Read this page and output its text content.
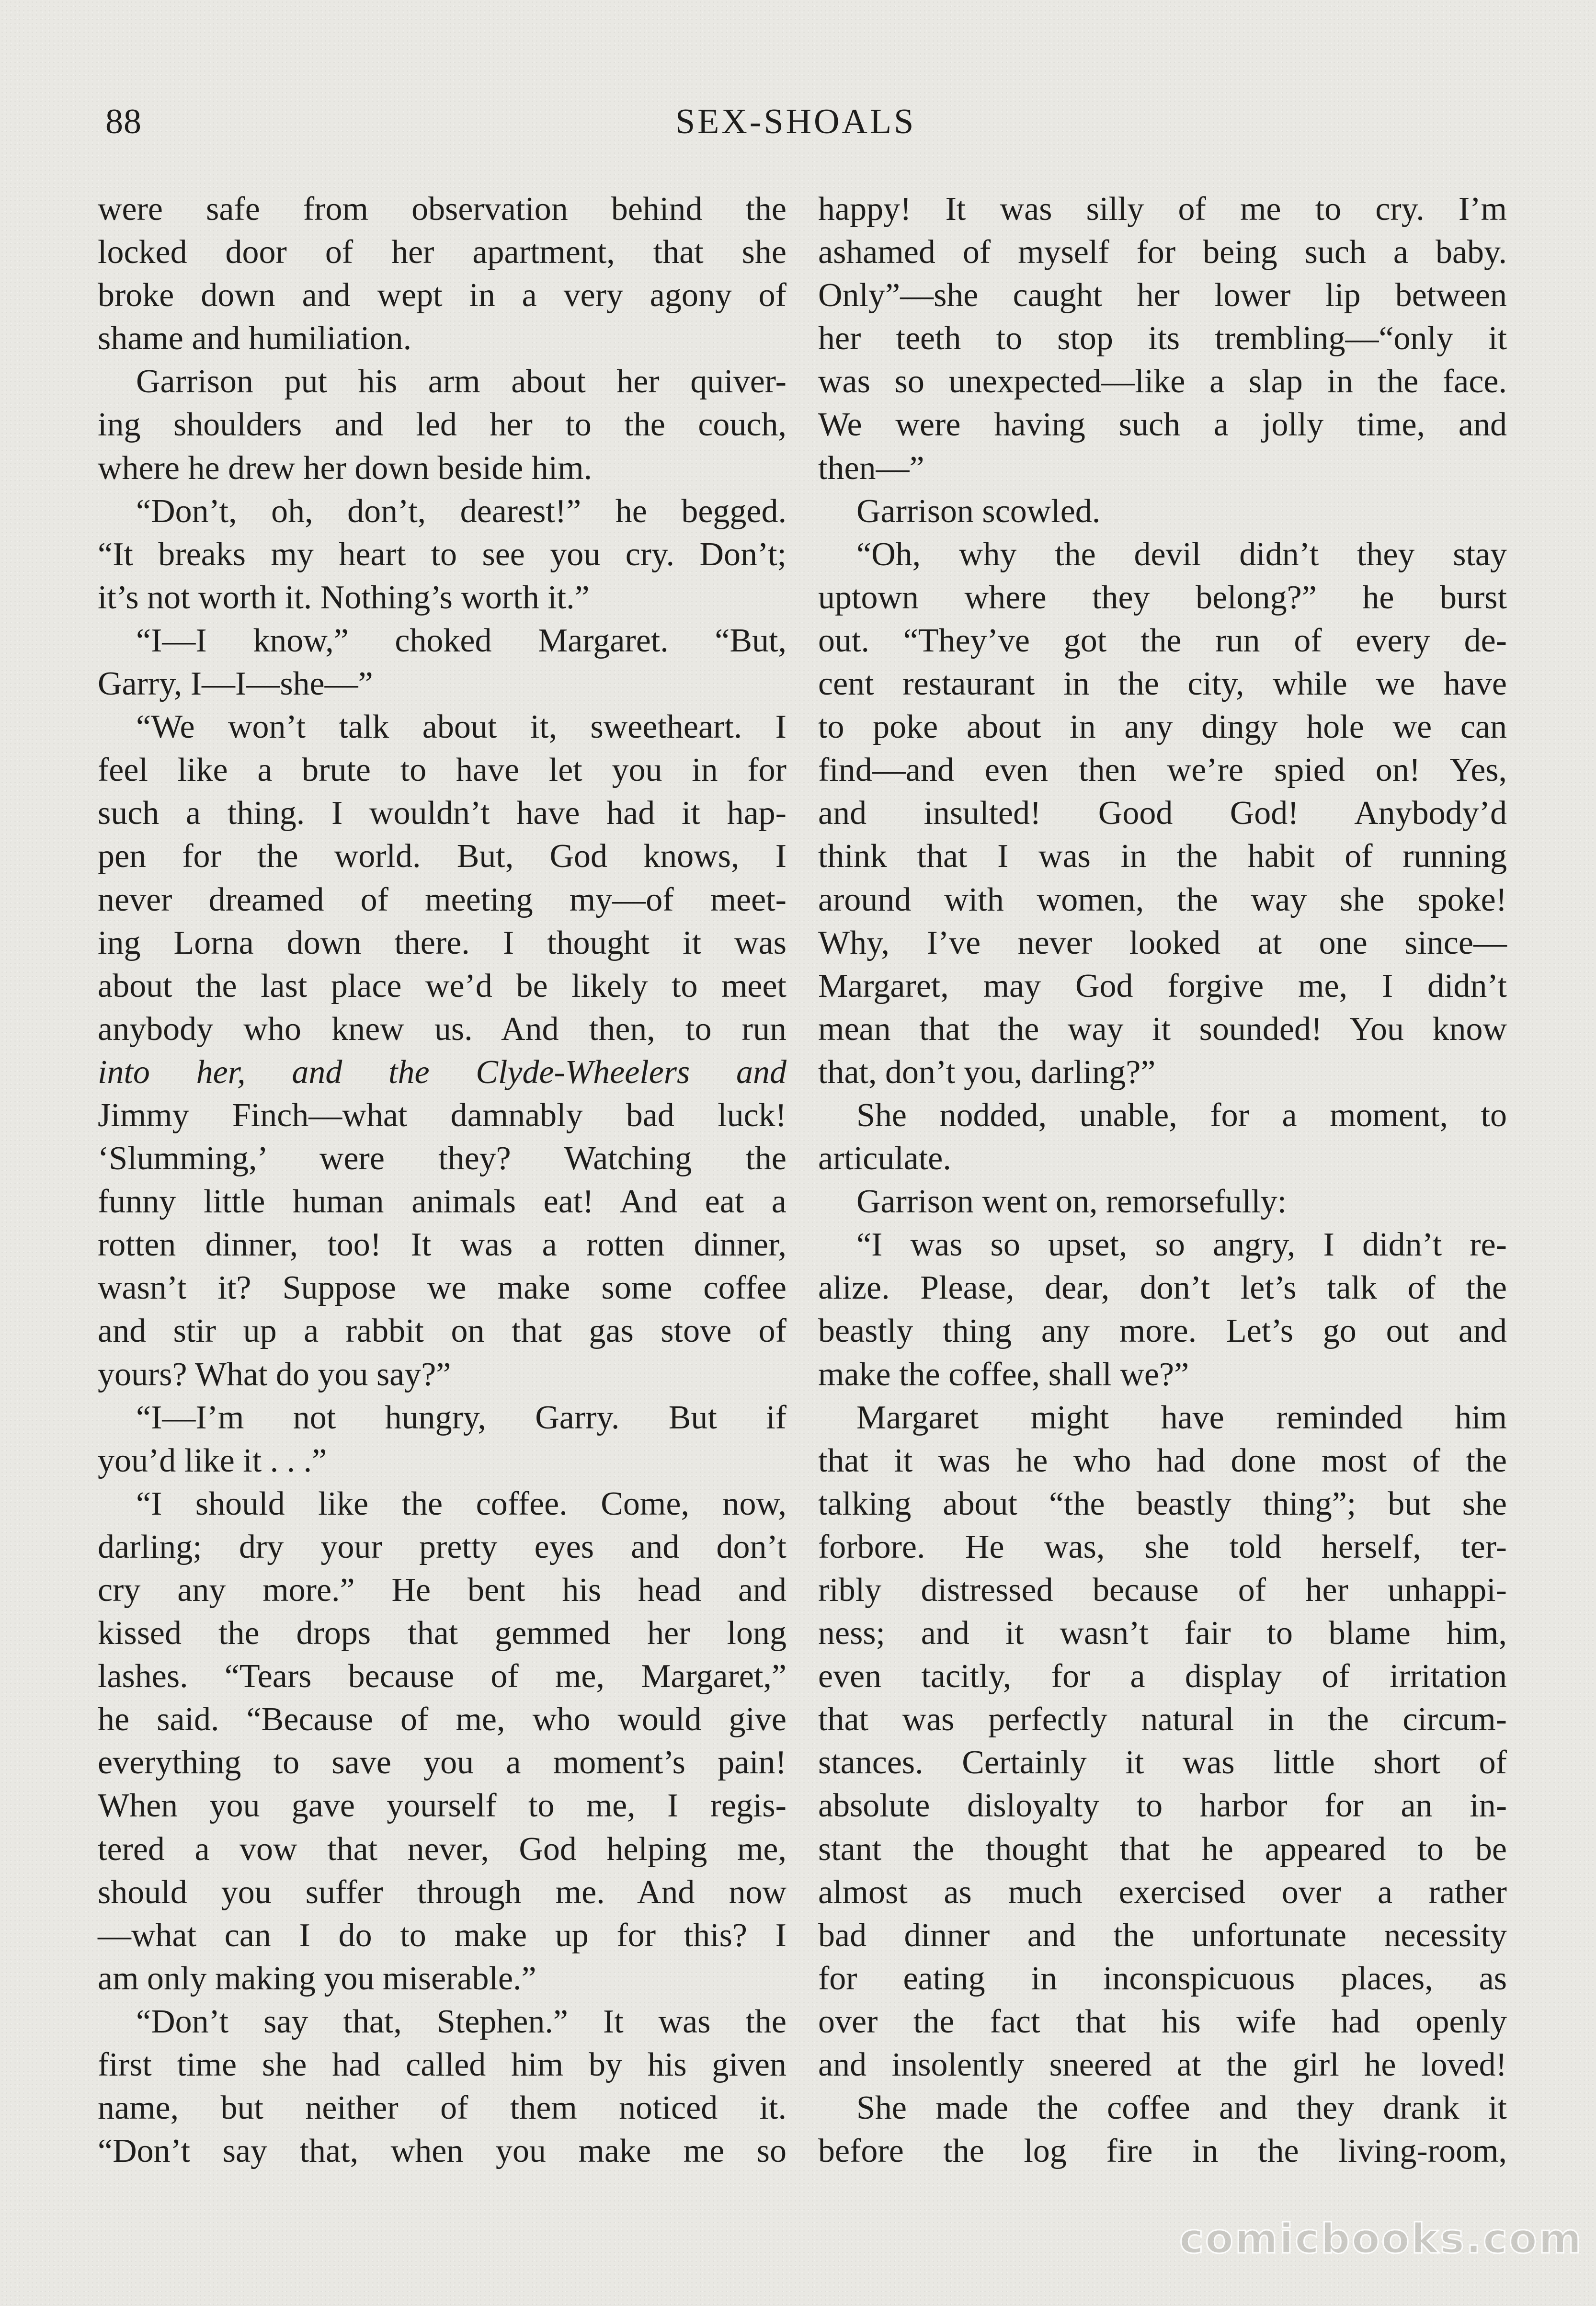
88	SEX-SHOALS
were safe from observation behind the
locked door of her apartment, that she
broke down and wept in a very agony of
shame and humiliation.
Garrison put his arm about her quiver-
ing shoulders and led her to the couch,
where he drew her down beside him.
“Don’t, oh, don’t, dearest!” he begged.
“It breaks my heart to see you cry. Don’t;
it’s not worth it. Nothing’s worth it.”
“I—I know,” choked Margaret. “But,
Garry, I—I—she—”
“We won’t talk about it, sweetheart. I
feel like a brute to have let you in for
such a thing. I wouldn’t have had it hap-
pen for the world. But, God knows, I
never dreamed of meeting my—of meet-
ing Lorna down there. I thought it was
about the last place we’d be likely to meet
anybody who knew us. And then, to run
into her, and the Clyde-Wheelers and
Jimmy Finch—what damnably bad luck!
‘Slumming,’ were they? Watching the
funny little human animals eat! And eat a
rotten dinner, too! It was a rotten dinner,
wasn’t it? Suppose we make some coffee
and stir up a rabbit on that gas stove of
yours? What do you say?”
“I—I’m not hungry, Garry. But if
you’d like it . . .”
“I should like the coffee. Come, now,
darling; dry your pretty eyes and don’t
cry any more.” He bent his head and
kissed the drops that gemmed her long
lashes. “Tears because of me, Margaret,”
he said. “Because of me, who would give
everything to save you a moment’s pain!
When you gave yourself to me, I regis-
tered a vow that never, God helping me,
should you suffer through me. And now
—what can I do to make up for this? I
am only making you miserable.”
“Don’t say that, Stephen.” It was the
first time she had called him by his given
name, but neither of them noticed it.
“Don’t say that, when you make me so
happy! It was silly of me to cry. I’m
ashamed of myself for being such a baby.
Only”—she caught her lower lip between
her teeth to stop its trembling—“only it
was so unexpected—like a slap in the face.
We were having such a jolly time, and
then—”
Garrison scowled.
“Oh, why the devil didn’t they stay
uptown where they belong?” he burst
out. “They’ve got the run of every de-
cent restaurant in the city, while we have
to poke about in any dingy hole we can
find—and even then we’re spied on! Yes,
and insulted! Good God! Anybody’d
think that I was in the habit of running
around with women, the way she spoke!
Why, I’ve never looked at one since—
Margaret, may God forgive me, I didn’t
mean that the way it sounded! You know
that, don’t you, darling?”
She nodded, unable, for a moment, to
articulate.
Garrison went on, remorsefully:
“I was so upset, so angry, I didn’t re-
alize. Please, dear, don’t let’s talk of the
beastly thing any more. Let’s go out and
make the coffee, shall we?”
Margaret might have reminded him
that it was he who had done most of the
talking about “the beastly thing”; but she
forbore. He was, she told herself, ter-
ribly distressed because of her unhappi-
ness; and it wasn’t fair to blame him,
even tacitly, for a display of irritation
that was perfectly natural in the circum-
stances. Certainly it was little short of
absolute disloyalty to harbor for an in-
stant the thought that he appeared to be
almost as much exercised over a rather
bad dinner and the unfortunate necessity
for eating in inconspicuous places, as
over the fact that his wife had openly
and insolently sneered at the girl he loved!
She made the coffee and they drank it
before the log fire in the living-room,
comicbooks.com
